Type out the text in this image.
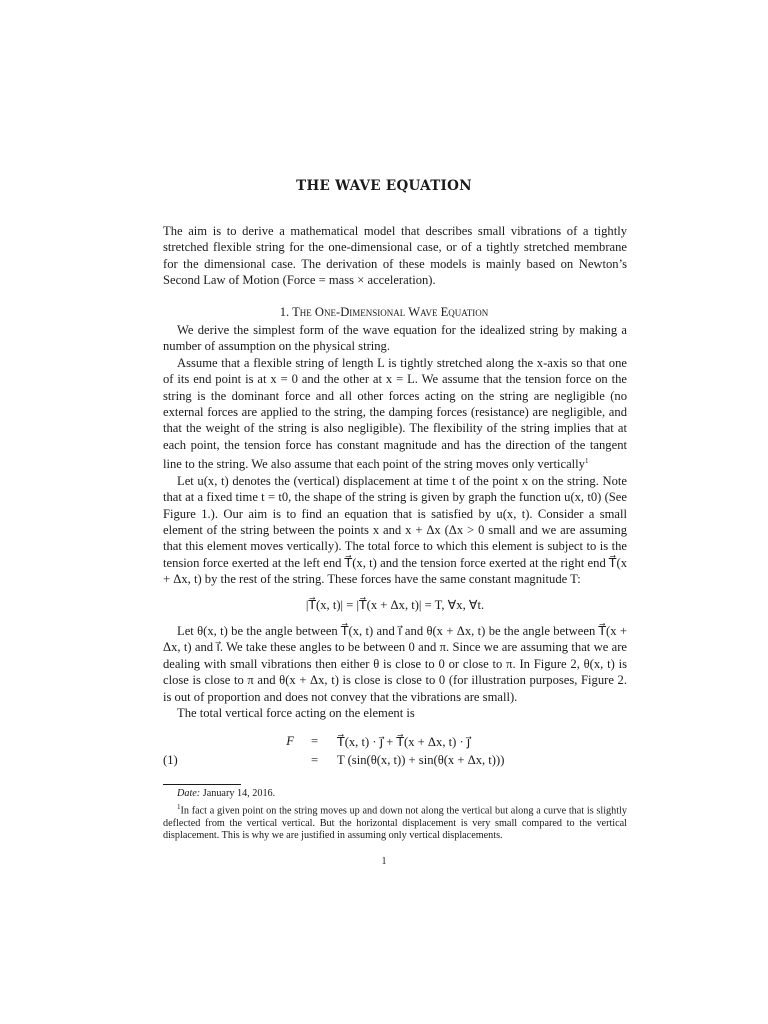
THE WAVE EQUATION

The aim is to derive a mathematical model that describes small vibrations of a tightly stretched flexible string for the one-dimensional case, or of a tightly stretched membrane for the dimensional case. The derivation of these models is mainly based on Newton’s Second Law of Motion (Force = mass × acceleration).

1. The One-Dimensional Wave Equation

We derive the simplest form of the wave equation for the idealized string by making a number of assumption on the physical string.

Assume that a flexible string of length L is tightly stretched along the x-axis so that one of its end point is at x = 0 and the other at x = L. We assume that the tension force on the string is the dominant force and all other forces acting on the string are negligible (no external forces are applied to the string, the damping forces (resistance) are negligible, and that the weight of the string is also negligible). The flexibility of the string implies that at each point, the tension force has constant magnitude and has the direction of the tangent line to the string. We also assume that each point of the string moves only vertically$^1$

Let u(x, t) denotes the (vertical) displacement at time t of the point x on the string. Note that at a fixed time t = t0, the shape of the string is given by graph the function u(x, t0) (See Figure 1.). Our aim is to find an equation that is satisfied by u(x, t). Consider a small element of the string between the points x and x + Δx (Δx > 0 small and we are assuming that this element moves vertically). The total force to which this element is subject to is the tension force exerted at the left end T⃗(x, t) and the tension force exerted at the right end T⃗(x + Δx, t) by the rest of the string. These forces have the same constant magnitude T:

|T⃗(x, t)| = |T⃗(x + Δx, t)| = T, ∀x, ∀t.

Let θ(x, t) be the angle between T⃗(x, t) and i⃗ and θ(x + Δx, t) be the angle between T⃗(x + Δx, t) and i⃗. We take these angles to be between 0 and π. Since we are assuming that we are dealing with small vibrations then either θ is close to 0 or close to π. In Figure 2, θ(x, t) is close is close to π and θ(x + Δx, t) is close is close to 0 (for illustration purposes, Figure 2. is out of proportion and does not convey that the vibrations are small).

The total vertical force acting on the element is

F = T⃗(x, t) · j⃗ + T⃗(x + Δx, t) · j⃗
(1)	= T (sin(θ(x, t)) + sin(θ(x + Δx, t)))

Date: January 14, 2016.

$^1$In fact a given point on the string moves up and down not along the vertical but along a curve that is slightly deflected from the vertical vertical. But the horizontal displacement is very small compared to the vertical displacement. This is why we are justified in assuming only vertical displacements.

1
